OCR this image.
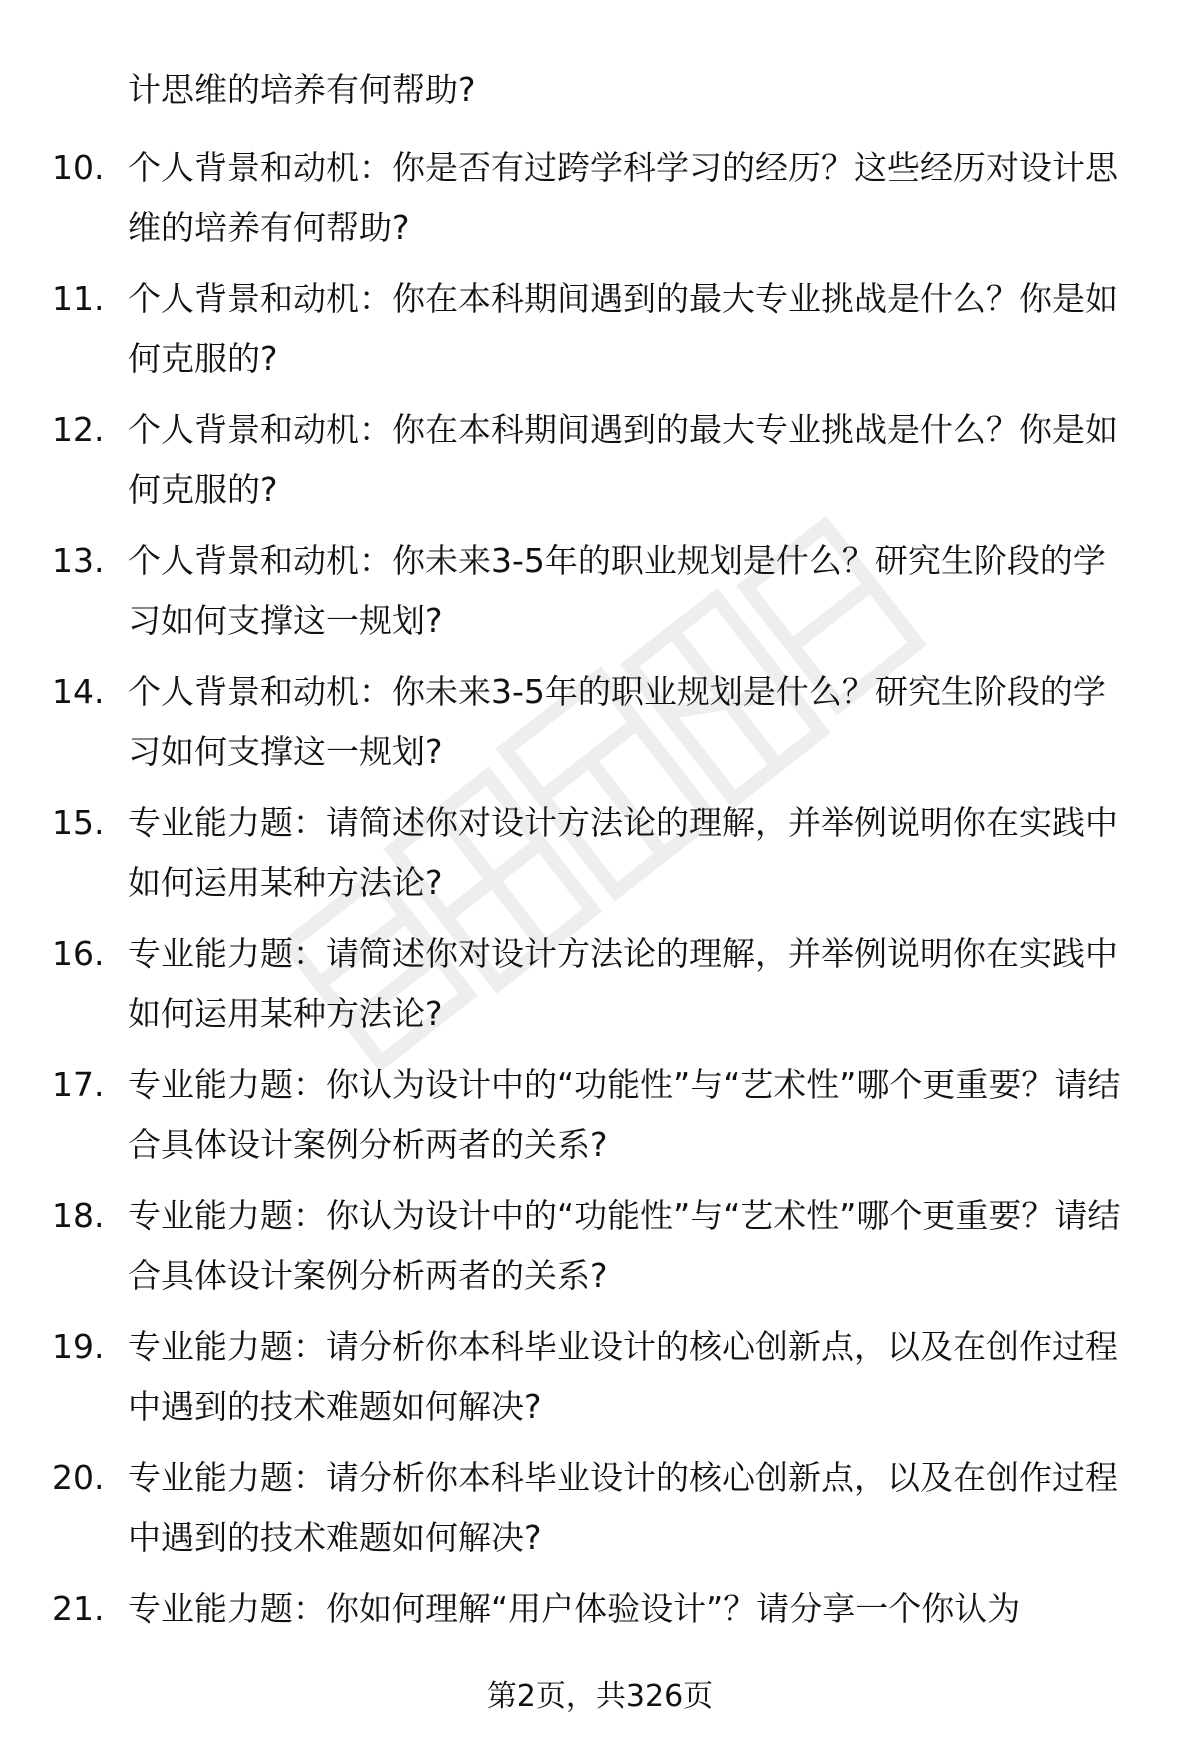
计思维的培养有何帮助?
10. 个人背景和动机：你是否有过跨学科学习的经历？这些经历对设计思维的培养有何帮助?
11. 个人背景和动机：你在本科期间遇到的最大专业挑战是什么？你是如何克服的?
12. 个人背景和动机：你在本科期间遇到的最大专业挑战是什么？你是如何克服的?
13. 个人背景和动机：你未来3-5年的职业规划是什么？研究生阶段的学习如何支撑这一规划?
14. 个人背景和动机：你未来3-5年的职业规划是什么？研究生阶段的学习如何支撑这一规划?
15. 专业能力题：请简述你对设计方法论的理解，并举例说明你在实践中如何运用某种方法论?
16. 专业能力题：请简述你对设计方法论的理解，并举例说明你在实践中如何运用某种方法论?
17. 专业能力题：你认为设计中的“功能性”与“艺术性”哪个更重要？请结合具体设计案例分析两者的关系?
18. 专业能力题：你认为设计中的“功能性”与“艺术性”哪个更重要？请结合具体设计案例分析两者的关系?
19. 专业能力题：请分析你本科毕业设计的核心创新点，以及在创作过程中遇到的技术难题如何解决?
20. 专业能力题：请分析你本科毕业设计的核心创新点，以及在创作过程中遇到的技术难题如何解决?
21. 专业能力题：你如何理解“用户体验设计”？请分享一个你认为
第2页，共326页
